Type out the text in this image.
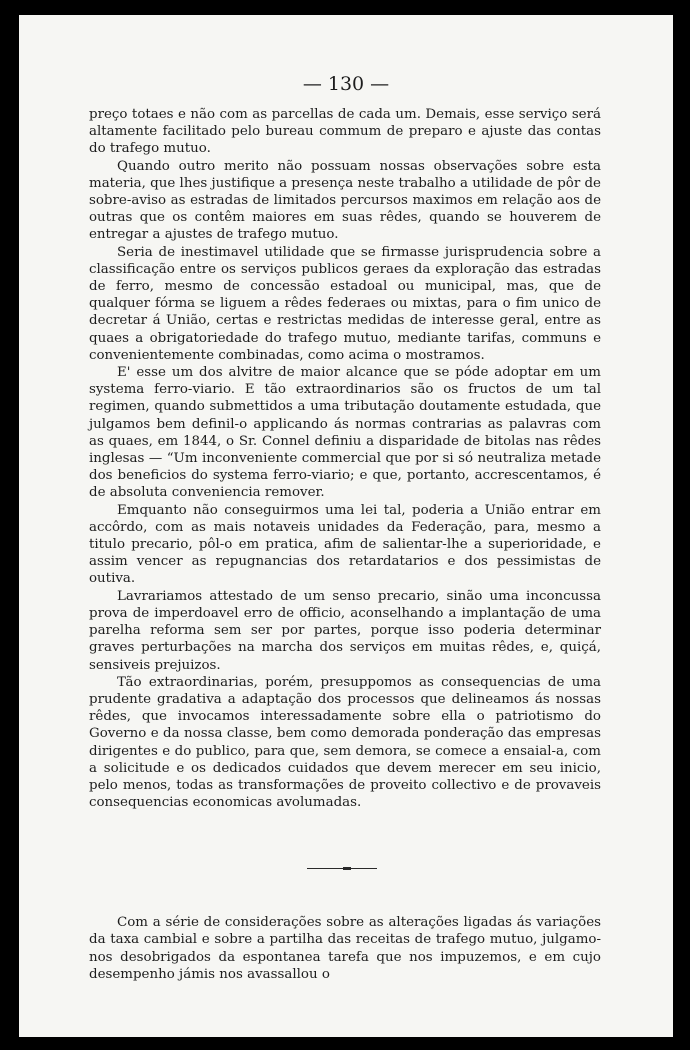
— 130 —

preço totaes e não com as parcellas de cada um. Demais, esse serviço será altamente facilitado pelo bureau commum de preparo e ajuste das contas do trafego mutuo.

Quando outro merito não possuam nossas observações sobre esta materia, que lhes justifique a presença neste trabalho a utilidade de pôr de sobre-aviso as estradas de limitados percursos maximos em relação aos de outras que os contêm maiores em suas rêdes, quando se houverem de entregar a ajustes de trafego mutuo.

Seria de inestimavel utilidade que se firmasse jurisprudencia sobre a classificação entre os serviços publicos geraes da exploração das estradas de ferro, mesmo de concessão estadoal ou municipal, mas, que de qualquer fórma se liguem a rêdes federaes ou mixtas, para o fim unico de decretar á União, certas e restrictas medidas de interesse geral, entre as quaes a obrigatoriedade do trafego mutuo, mediante tarifas, communs e convenientemente combinadas, como acima o mostramos.

E' esse um dos alvitre de maior alcance que se póde adoptar em um systema ferro-viario. E tão extraordinarios são os fructos de um tal regimen, quando submettidos a uma tributação doutamente estudada, que julgamos bem definil-o applicando ás normas contrarias as palavras com as quaes, em 1844, o Sr. Connel definiu a disparidade de bitolas nas rêdes inglesas — “Um inconveniente commercial que por si só neutraliza metade dos beneficios do systema ferro-viario; e que, portanto, accrescentamos, é de absoluta conveniencia remover.

Emquanto não conseguirmos uma lei tal, poderia a União entrar em accôrdo, com as mais notaveis unidades da Federação, para, mesmo a titulo precario, pôl-o em pratica, afim de salientar-lhe a superioridade, e assim vencer as repugnancias dos retardatarios e dos pessimistas de outiva.

Lavrariamos attestado de um senso precario, sinão uma inconcussa prova de imperdoavel erro de officio, aconselhando a implantação de uma parelha reforma sem ser por partes, porque isso poderia determinar graves perturbações na marcha dos serviços em muitas rêdes, e, quiçá, sensiveis prejuizos.

Tão extraordinarias, porém, presuppomos as consequencias de uma prudente gradativa a adaptação dos processos que delineamos ás nossas rêdes, que invocamos interessadamente sobre ella o patriotismo do Governo e da nossa classe, bem como demorada ponderação das empresas dirigentes e do publico, para que, sem demora, se comece a ensaial-a, com a solicitude e os dedicados cuidados que devem merecer em seu inicio, pelo menos, todas as transformações de proveito collectivo e de provaveis consequencias economicas avolumadas.

Com a série de considerações sobre as alterações ligadas ás variações da taxa cambial e sobre a partilha das receitas de trafego mutuo, julgamo-nos desobrigados da espontanea tarefa que nos impuzemos, e em cujo desempenho jámis nos avassallou o
